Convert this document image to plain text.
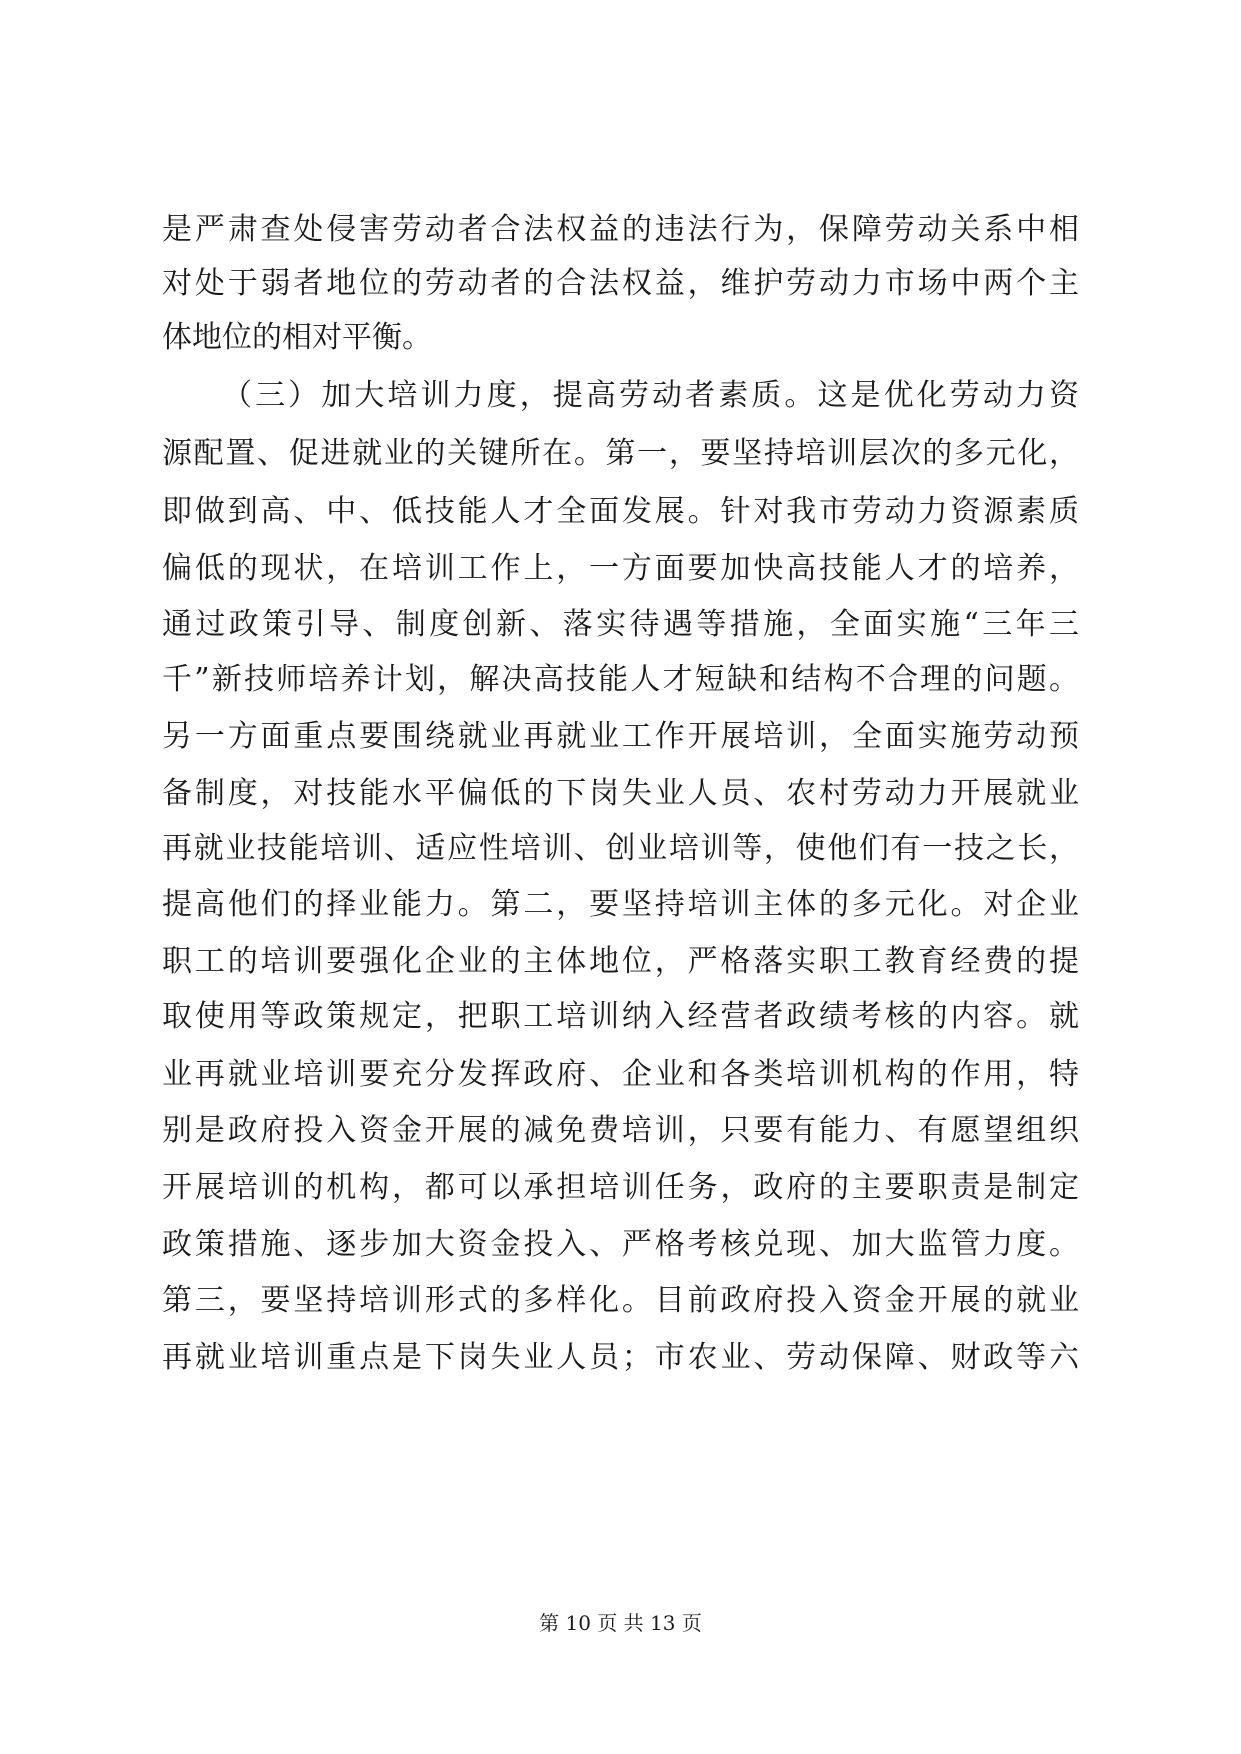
是严肃查处侵害劳动者合法权益的违法行为，保障劳动关系中相

对处于弱者地位的劳动者的合法权益，维护劳动力市场中两个主

体地位的相对平衡。

（三）加大培训力度，提高劳动者素质。这是优化劳动力资

源配置、促进就业的关键所在。第一，要坚持培训层次的多元化，

即做到高、中、低技能人才全面发展。针对我市劳动力资源素质

偏低的现状，在培训工作上，一方面要加快高技能人才的培养，

通过政策引导、制度创新、落实待遇等措施，全面实施“三年三

千”新技师培养计划，解决高技能人才短缺和结构不合理的问题。

另一方面重点要围绕就业再就业工作开展培训，全面实施劳动预

备制度，对技能水平偏低的下岗失业人员、农村劳动力开展就业

再就业技能培训、适应性培训、创业培训等，使他们有一技之长，

提高他们的择业能力。第二，要坚持培训主体的多元化。对企业

职工的培训要强化企业的主体地位，严格落实职工教育经费的提

取使用等政策规定，把职工培训纳入经营者政绩考核的内容。就

业再就业培训要充分发挥政府、企业和各类培训机构的作用，特

别是政府投入资金开展的减免费培训，只要有能力、有愿望组织

开展培训的机构，都可以承担培训任务，政府的主要职责是制定

政策措施、逐步加大资金投入、严格考核兑现、加大监管力度。

第三，要坚持培训形式的多样化。目前政府投入资金开展的就业

再就业培训重点是下岗失业人员；市农业、劳动保障、财政等六

第 10 页 共 13 页
